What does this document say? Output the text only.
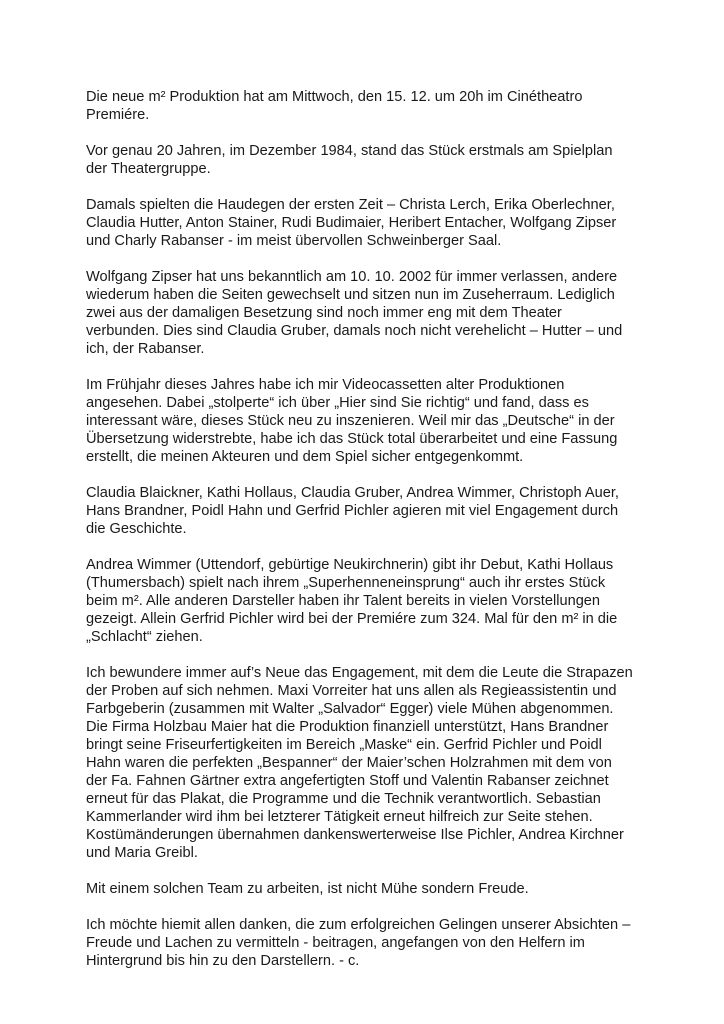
Die neue m² Produktion hat am Mittwoch, den 15. 12. um 20h im Cinétheatro
Premiére.

Vor genau 20 Jahren, im Dezember 1984, stand das Stück erstmals am Spielplan
der Theatergruppe.

Damals spielten die Haudegen der ersten Zeit – Christa Lerch, Erika Oberlechner,
Claudia Hutter, Anton Stainer, Rudi Budimaier, Heribert Entacher, Wolfgang Zipser
und Charly Rabanser - im meist übervollen Schweinberger Saal.

Wolfgang Zipser hat uns bekanntlich am 10. 10. 2002 für immer verlassen, andere
wiederum haben die Seiten gewechselt und sitzen nun im Zuseherraum. Lediglich
zwei aus der damaligen Besetzung sind noch immer eng mit dem Theater
verbunden. Dies sind Claudia Gruber, damals noch nicht verehelicht – Hutter – und
ich, der Rabanser.

Im Frühjahr dieses Jahres habe ich mir Videocassetten alter Produktionen
angesehen. Dabei „stolperte“ ich über „Hier sind Sie richtig“ und fand, dass es
interessant wäre, dieses Stück neu zu inszenieren. Weil mir das „Deutsche“ in der
Übersetzung widerstrebte, habe ich das Stück total überarbeitet und eine Fassung
erstellt, die meinen Akteuren und dem Spiel sicher entgegenkommt.

Claudia Blaickner, Kathi Hollaus, Claudia Gruber, Andrea Wimmer, Christoph Auer,
Hans Brandner, Poidl Hahn und Gerfrid Pichler agieren mit viel Engagement durch
die Geschichte.

Andrea Wimmer (Uttendorf, gebürtige Neukirchnerin) gibt ihr Debut, Kathi Hollaus
(Thumersbach) spielt nach ihrem „Superhenneneinsprung“ auch ihr erstes Stück
beim m². Alle anderen Darsteller haben ihr Talent bereits in vielen Vorstellungen
gezeigt. Allein Gerfrid Pichler wird bei der Premiére zum 324. Mal für den m² in die
„Schlacht“ ziehen.

Ich bewundere immer auf’s Neue das Engagement, mit dem die Leute die Strapazen
der Proben auf sich nehmen. Maxi Vorreiter hat uns allen als Regieassistentin und
Farbgeberin (zusammen mit Walter „Salvador“ Egger) viele Mühen abgenommen.
Die Firma Holzbau Maier hat die Produktion finanziell unterstützt, Hans Brandner
bringt seine Friseurfertigkeiten im Bereich „Maske“ ein. Gerfrid Pichler und Poidl
Hahn waren die perfekten „Bespanner“ der Maier’schen Holzrahmen mit dem von
der Fa. Fahnen Gärtner extra angefertigten Stoff und Valentin Rabanser zeichnet
erneut für das Plakat, die Programme und die Technik verantwortlich. Sebastian
Kammerlander wird ihm bei letzterer Tätigkeit erneut hilfreich zur Seite stehen.
Kostümänderungen übernahmen dankenswerterweise Ilse Pichler, Andrea Kirchner
und Maria Greibl.

Mit einem solchen Team zu arbeiten, ist nicht Mühe sondern Freude.

Ich möchte hiemit allen danken, die zum erfolgreichen Gelingen unserer Absichten –
Freude und Lachen zu vermitteln - beitragen, angefangen von den Helfern im
Hintergrund bis hin zu den Darstellern. - c.
